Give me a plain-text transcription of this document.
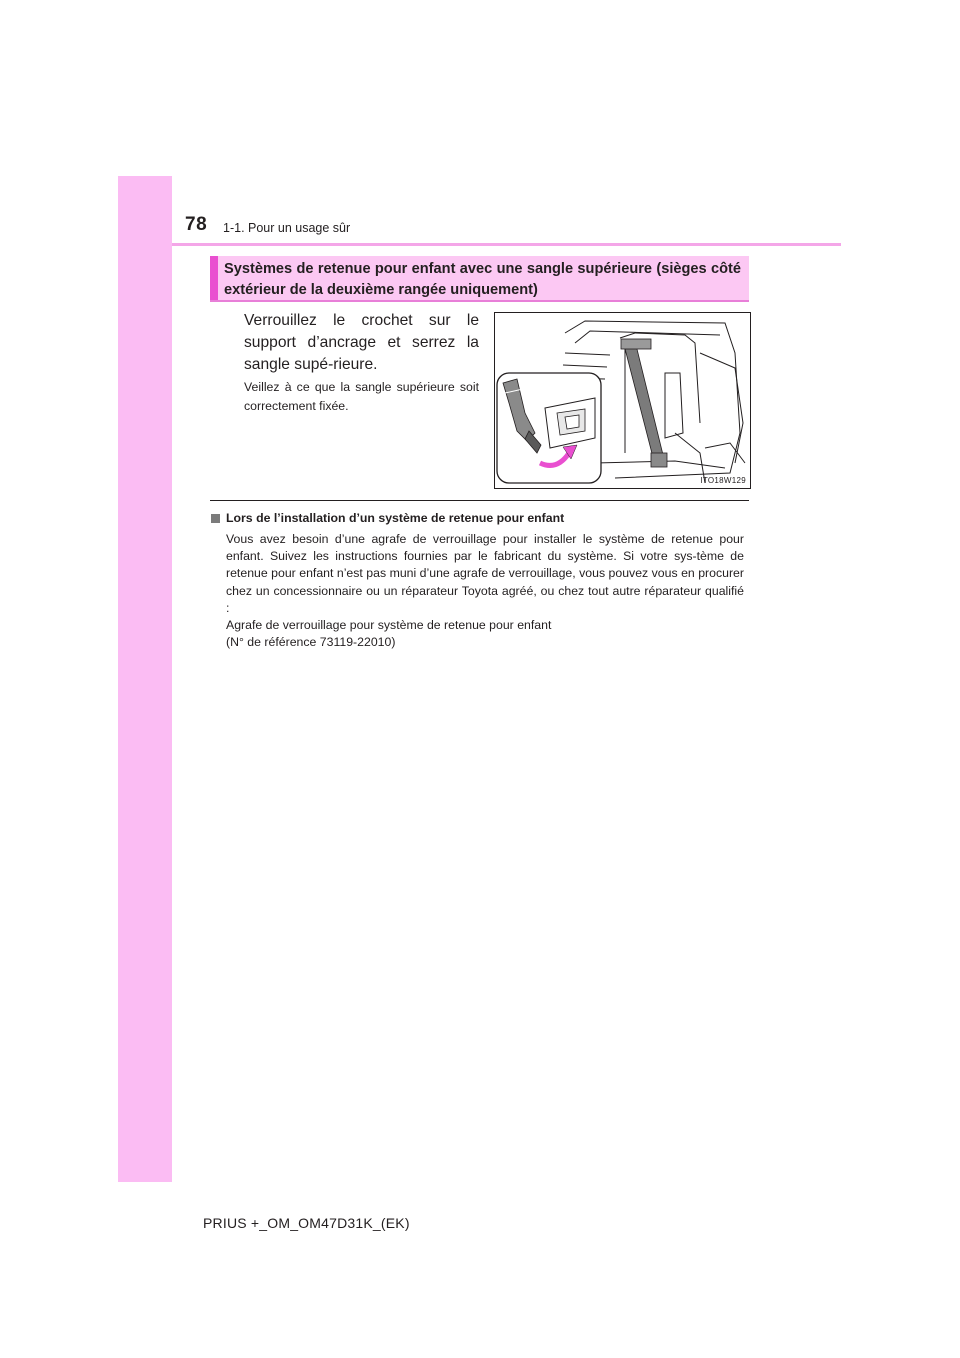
78 1-1. Pour un usage sûr
Systèmes de retenue pour enfant avec une sangle supérieure (sièges côté extérieur de la deuxième rangée uniquement)
Verrouillez le crochet sur le support d’ancrage et serrez la sangle supé-rieure.
Veillez à ce que la sangle supérieure soit correctement fixée.
ITO18W129
Lors de l’installation d’un système de retenue pour enfant
Vous avez besoin d’une agrafe de verrouillage pour installer le système de retenue pour enfant. Suivez les instructions fournies par le fabricant du système. Si votre sys-tème de retenue pour enfant n’est pas muni d’une agrafe de verrouillage, vous pouvez vous en procurer chez un concessionnaire ou un réparateur Toyota agréé, ou chez tout autre réparateur qualifié :
Agrafe de verrouillage pour système de retenue pour enfant
(N° de référence 73119-22010)
PRIUS +_OM_OM47D31K_(EK)
